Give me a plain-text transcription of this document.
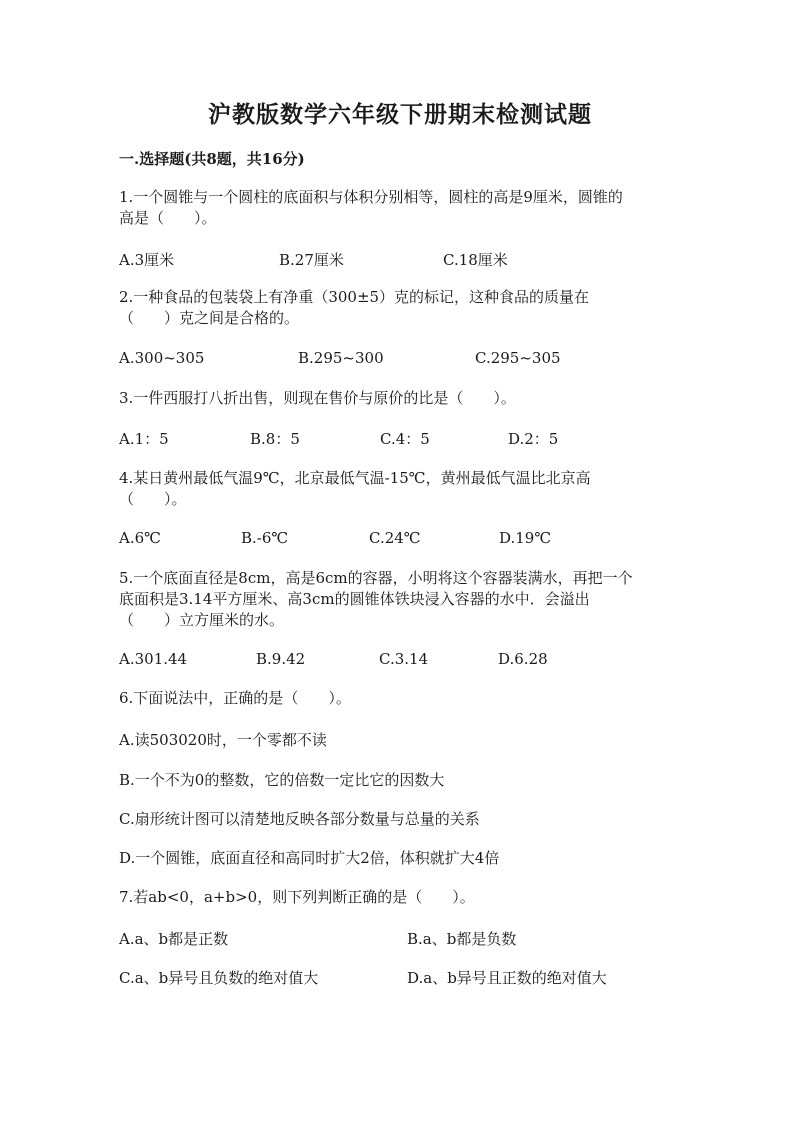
沪教版数学六年级下册期末检测试题
一.选择题(共8题，共16分)
1.一个圆锥与一个圆柱的底面积与体积分别相等，圆柱的高是9厘米，圆锥的
高是（　　）。
A.3厘米	B.27厘米	C.18厘米
2.一种食品的包装袋上有净重（300±5）克的标记，这种食品的质量在
（　　）克之间是合格的。
A.300~305	B.295~300	C.295~305
3.一件西服打八折出售，则现在售价与原价的比是（　　）。
A.1：5	B.8：5	C.4：5	D.2：5
4.某日黄州最低气温9℃，北京最低气温-15℃，黄州最低气温比北京高
（　　）。
A.6℃	B.-6℃	C.24℃	D.19℃
5.一个底面直径是8cm，高是6cm的容器，小明将这个容器装满水，再把一个
底面积是3.14平方厘米、高3cm的圆锥体铁块浸入容器的水中．会溢出
（　　）立方厘米的水。
A.301.44	B.9.42	C.3.14	D.6.28
6.下面说法中，正确的是（　　）。
A.读503020时，一个零都不读
B.一个不为0的整数，它的倍数一定比它的因数大
C.扇形统计图可以清楚地反映各部分数量与总量的关系
D.一个圆锥，底面直径和高同时扩大2倍，体积就扩大4倍
7.若ab<0，a+b>0，则下列判断正确的是（　　）。
A.a、b都是正数	B.a、b都是负数
C.a、b异号且负数的绝对值大	D.a、b异号且正数的绝对值大
